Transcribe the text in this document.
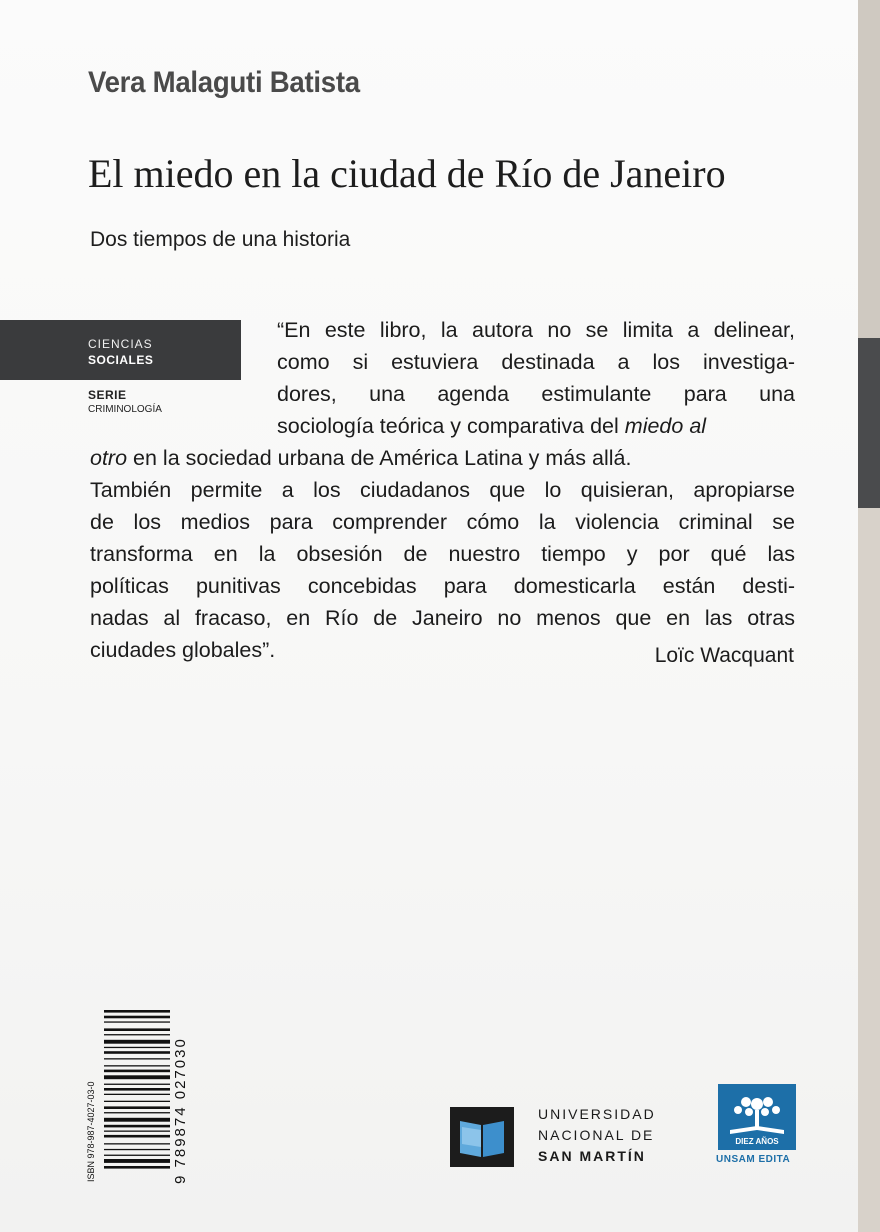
Vera Malaguti Batista
El miedo en la ciudad de Río de Janeiro
Dos tiempos de una historia
CIENCIAS
SOCIALES
SERIE
CRIMINOLOGÍA
“En este libro, la autora no se limita a delinear,
como si estuviera destinada a los investiga-
dores, una agenda estimulante para una
sociología teórica y comparativa del miedo al
otro en la sociedad urbana de América Latina y más allá.
También permite a los ciudadanos que lo quisieran, apropiarse
de los medios para comprender cómo la violencia criminal se
transforma en la obsesión de nuestro tiempo y por qué las
políticas punitivas concebidas para domesticarla están desti-
nadas al fracaso, en Río de Janeiro no menos que en las otras
ciudades globales”.	Loïc Wacquant
ISBN 978-987-4027-03-0	9 789874 027030	UNIVERSIDAD
NACIONAL DE
SAN MARTÍN
DIEZ AÑOS
UNSAM EDITA
